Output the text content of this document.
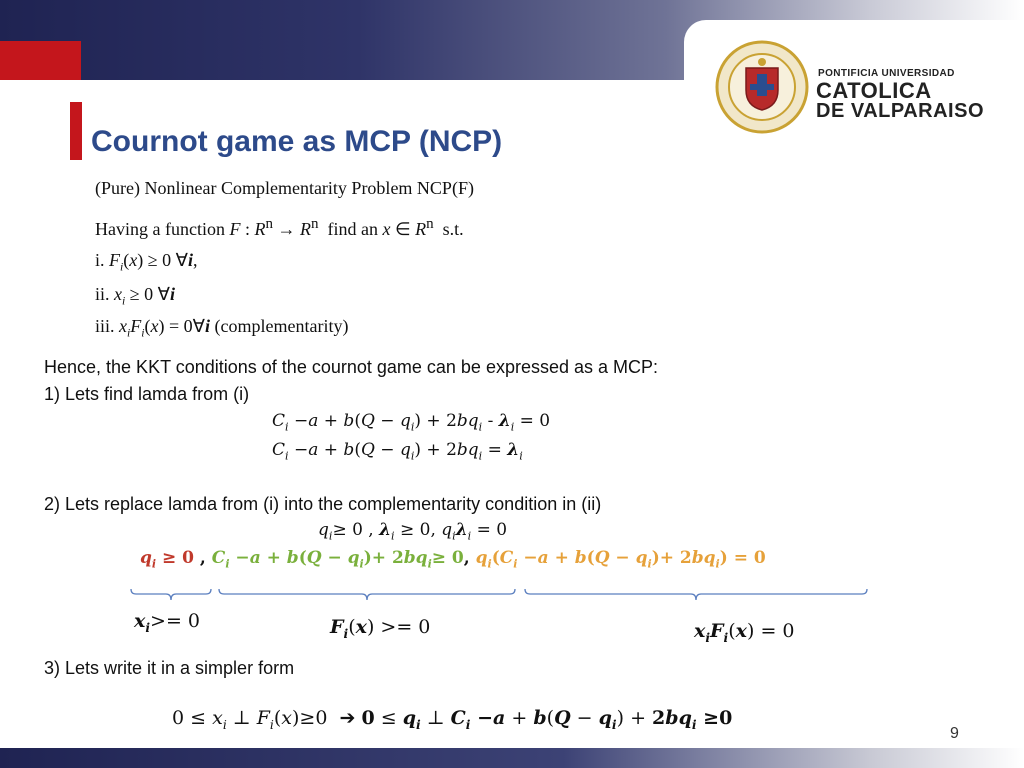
PONTIFICIA UNIVERSIDAD
CATOLICA
DE VALPARAISO
Cournot game as MCP (NCP)
(Pure) Nonlinear Complementarity Problem NCP(F)
Having a function F : $R^n \to R^n$ find an x ∈ $R^n$ s.t.
i. $F_i(x) \ge 0$ ∀i,
ii. $x_i \ge 0$ ∀i
iii. $x_iF_i(x)$ = 0∀i (complementarity)
Hence, the KKT conditions of the cournot game can be expressed as a MCP:
1) Lets find lamda from (i)
$C_i -a + b(Q - q_i) + 2bq_i - \lambda_i = 0$
$C_i -a + b(Q - q_i) + 2bq_i = \lambda_i$
2) Lets replace lamda from (i) into the complementarity condition in (ii)
$q_i\ge 0$ , $\lambda_i \ge 0$, $q_i\lambda_i = 0$
$q_i \ge 0$ , $C_i -a + b(Q - q_i)+ 2bq_i\ge 0$, $q_i(C_i -a + b(Q - q_i)+ 2bq_i) = 0$
$x_i>= 0$	$F_i(x) >= 0$	$x_iF_i(x) = 0$
3) Lets write it in a simpler form
$0 \le x_i$ ⊥ $F_i(x)\ge 0$  ➔ $0 \le q_i$ ⊥ $C_i -a + b(Q - q_i) + 2bq_i \ge 0$
9
